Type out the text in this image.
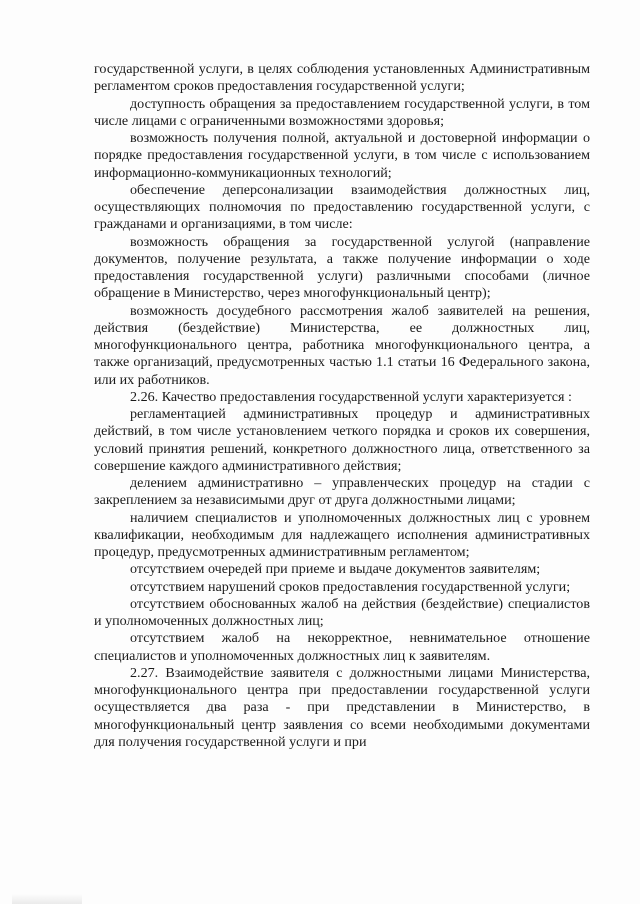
государственной услуги, в целях соблюдения установленных Административным регламентом сроков предоставления государственной услуги;

доступность обращения за предоставлением государственной услуги, в том числе лицами с ограниченными возможностями здоровья;

возможность получения полной, актуальной и достоверной информации о порядке предоставления государственной услуги, в том числе с использованием информационно-коммуникационных технологий;

обеспечение деперсонализации взаимодействия должностных лиц, осуществляющих полномочия по предоставлению государственной услуги, с гражданами и организациями, в том числе:

возможность обращения за государственной услугой (направление документов, получение результата, а также получение информации о ходе предоставления государственной услуги) различными способами (личное обращение в Министерство, через многофункциональный центр);

возможность досудебного рассмотрения жалоб заявителей на решения, действия (бездействие) Министерства, ее должностных лиц, многофункционального центра, работника многофункционального центра, а также организаций, предусмотренных частью 1.1 статьи 16 Федерального закона, или их работников.

2.26. Качество предоставления государственной услуги характеризуется :

регламентацией административных процедур и административных действий, в том числе установлением четкого порядка и сроков их совершения, условий принятия решений, конкретного должностного лица, ответственного за совершение каждого административного действия;

делением административно – управленческих процедур на стадии с закреплением за независимыми друг от друга должностными лицами;

наличием специалистов и уполномоченных должностных лиц с уровнем квалификации, необходимым для надлежащего исполнения административных процедур, предусмотренных административным регламентом;

отсутствием очередей при приеме и выдаче документов заявителям;

отсутствием нарушений сроков предоставления государственной услуги;

отсутствием обоснованных жалоб на действия (бездействие) специалистов и уполномоченных должностных лиц;

отсутствием жалоб на некорректное, невнимательное отношение специалистов и уполномоченных должностных лиц к заявителям.

2.27. Взаимодействие заявителя с должностными лицами Министерства, многофункционального центра при предоставлении государственной услуги осуществляется два раза - при представлении в Министерство, в многофункциональный центр заявления со всеми необходимыми документами для получения государственной услуги и при
